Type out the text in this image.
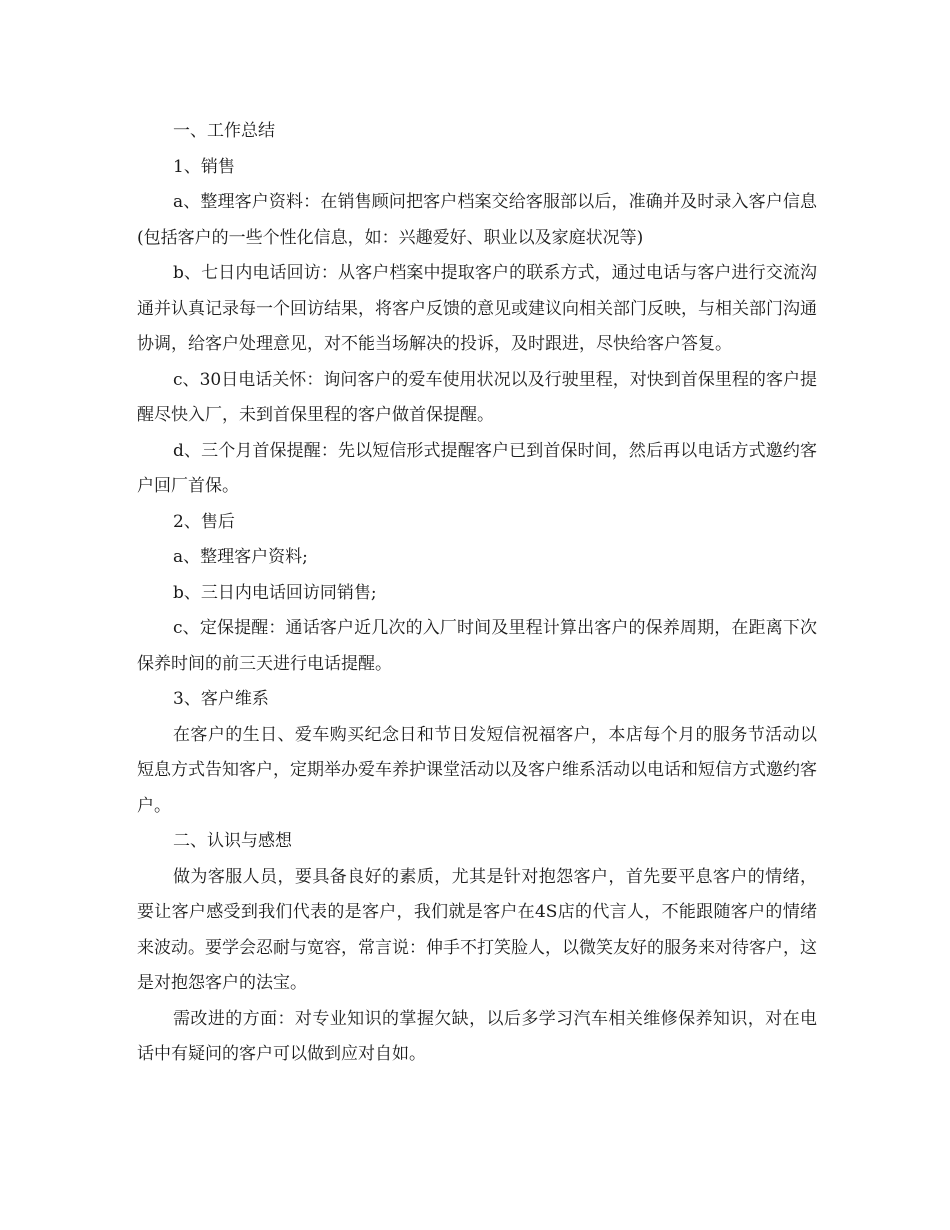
一、工作总结

1、销售

a、整理客户资料：在销售顾问把客户档案交给客服部以后，准确并及时录入客户信息(包括客户的一些个性化信息，如：兴趣爱好、职业以及家庭状况等)

b、七日内电话回访：从客户档案中提取客户的联系方式，通过电话与客户进行交流沟通并认真记录每一个回访结果，将客户反馈的意见或建议向相关部门反映，与相关部门沟通协调，给客户处理意见，对不能当场解决的投诉，及时跟进，尽快给客户答复。

c、30日电话关怀：询问客户的爱车使用状况以及行驶里程，对快到首保里程的客户提醒尽快入厂，未到首保里程的客户做首保提醒。

d、三个月首保提醒：先以短信形式提醒客户已到首保时间，然后再以电话方式邀约客户回厂首保。

2、售后

a、整理客户资料;

b、三日内电话回访同销售;

c、定保提醒：通话客户近几次的入厂时间及里程计算出客户的保养周期，在距离下次保养时间的前三天进行电话提醒。

3、客户维系

在客户的生日、爱车购买纪念日和节日发短信祝福客户，本店每个月的服务节活动以短息方式告知客户，定期举办爱车养护课堂活动以及客户维系活动以电话和短信方式邀约客户。

二、认识与感想

做为客服人员，要具备良好的素质，尤其是针对抱怨客户，首先要平息客户的情绪，要让客户感受到我们代表的是客户，我们就是客户在4S店的代言人，不能跟随客户的情绪来波动。要学会忍耐与宽容，常言说：伸手不打笑脸人，以微笑友好的服务来对待客户，这是对抱怨客户的法宝。

需改进的方面：对专业知识的掌握欠缺，以后多学习汽车相关维修保养知识，对在电话中有疑问的客户可以做到应对自如。
